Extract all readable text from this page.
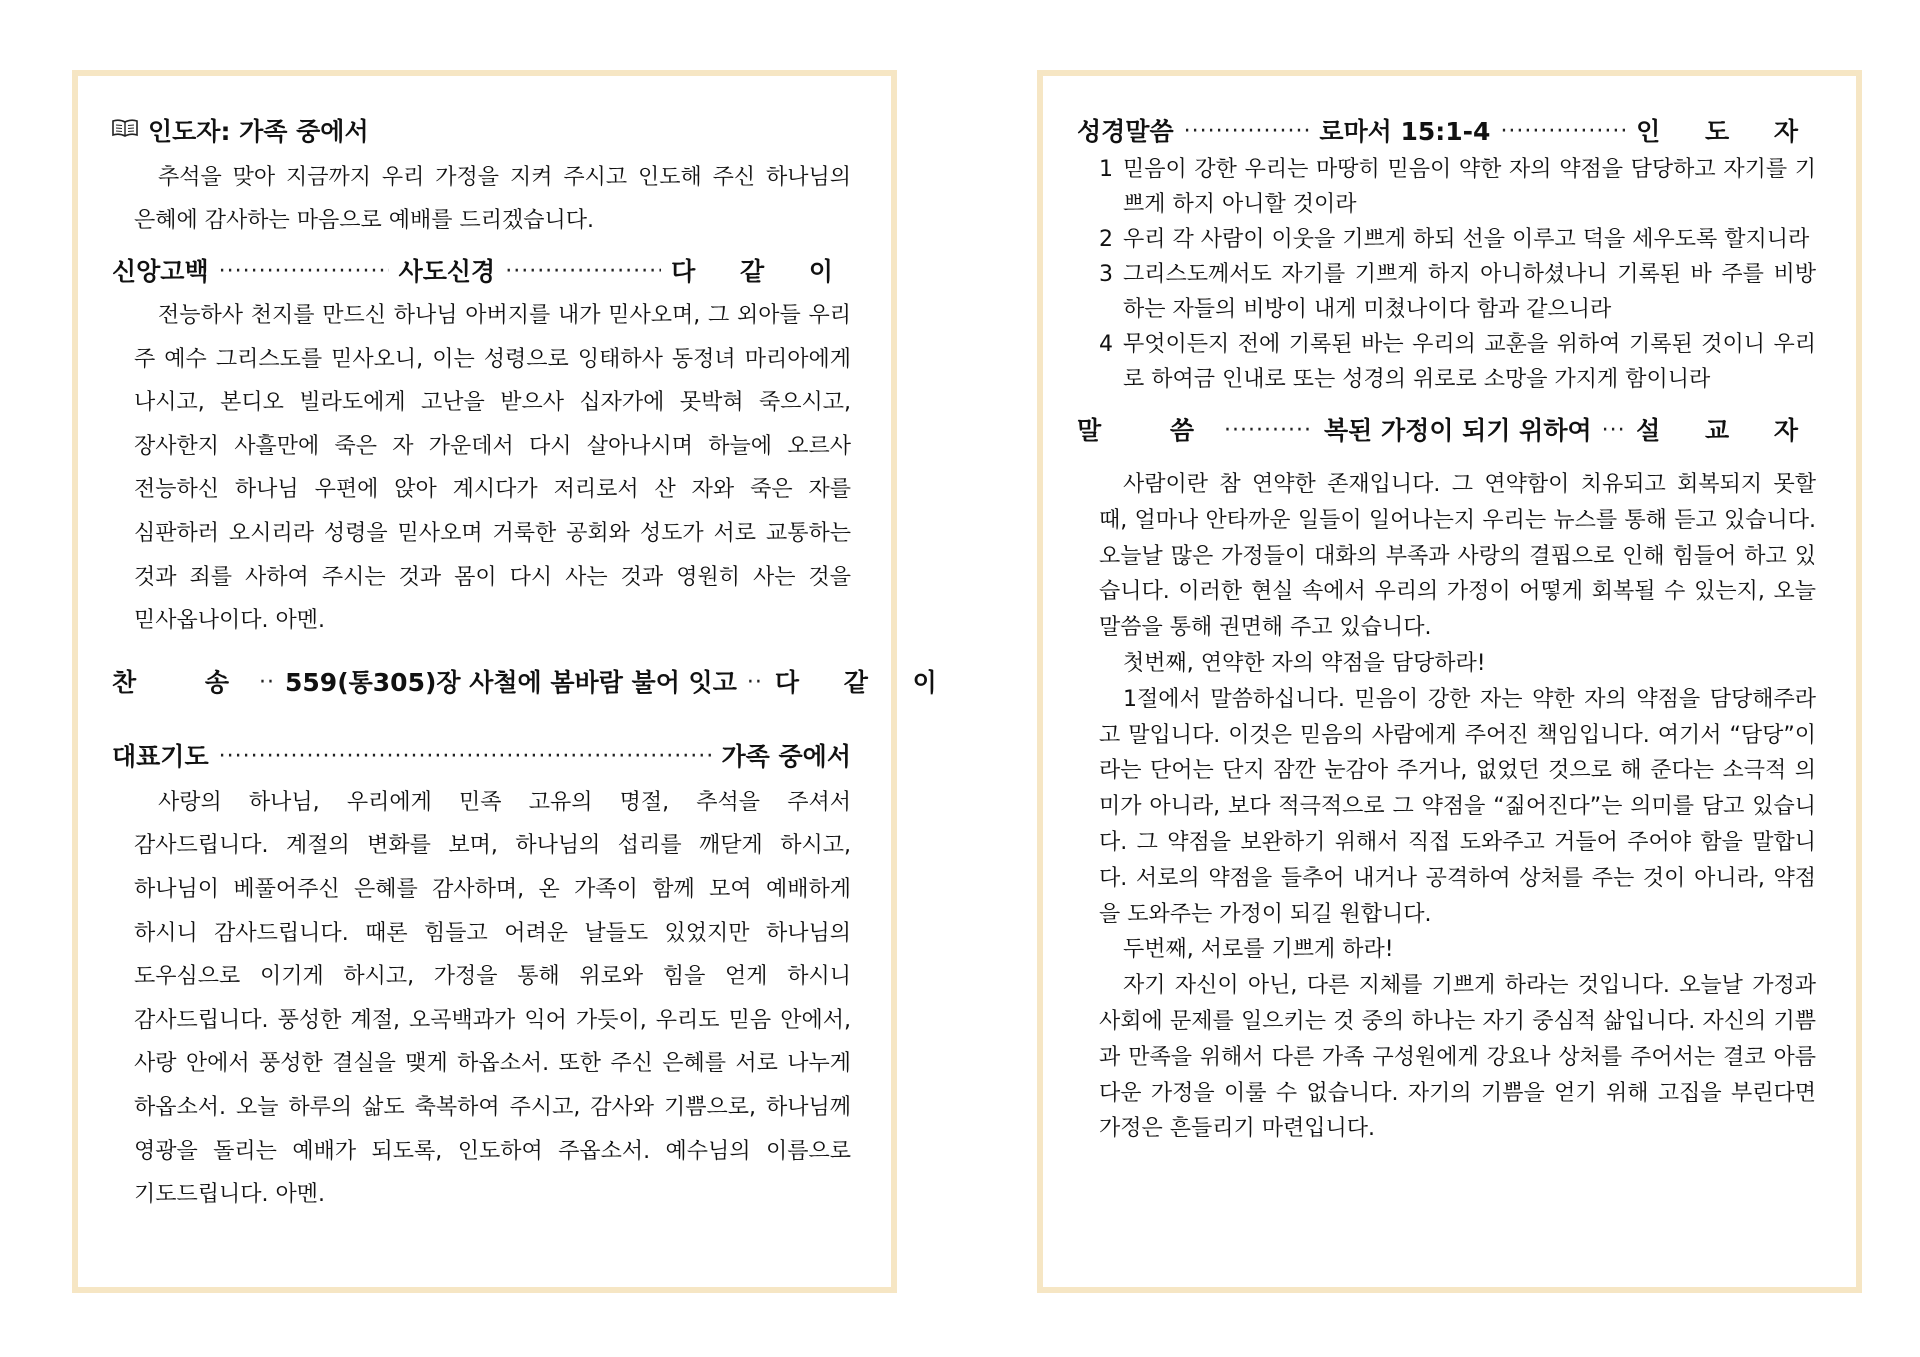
인도자: 가족 중에서

추석을 맞아 지금까지 우리 가정을 지켜 주시고 인도해 주신 하나님의 은혜에 감사하는 마음으로 예배를 드리겠습니다.

신앙고백 ·····	사도신경 ·····	다 같 이

전능하사 천지를 만드신 하나님 아버지를 내가 믿사오며, 그 외아들 우리 주 예수 그리스도를 믿사오니, 이는 성령으로 잉태하사 동정녀 마리아에게 나시고, 본디오 빌라도에게 고난을 받으사 십자가에 못박혀 죽으시고, 장사한지 사흘만에 죽은 자 가운데서 다시 살아나시며 하늘에 오르사 전능하신 하나님 우편에 앉아 계시다가 저리로서 산 자와 죽은 자를 심판하러 오시리라 성령을 믿사오며 거룩한 공회와 성도가 서로 교통하는 것과 죄를 사하여 주시는 것과 몸이 다시 사는 것과 영원히 사는 것을 믿사옵나이다. 아멘.

찬 송 ····· 559(통305)장 사철에 봄바람 불어 잇고 ····· 다 같 이
대표기도 ·····	가족 중에서

사랑의 하나님, 우리에게 민족 고유의 명절, 추석을 주셔서 감사드립니다. 계절의 변화를 보며, 하나님의 섭리를 깨닫게 하시고, 하나님이 베풀어주신 은혜를 감사하며, 온 가족이 함께 모여 예배하게 하시니 감사드립니다. 때론 힘들고 어려운 날들도 있었지만 하나님의 도우심으로 이기게 하시고, 가정을 통해 위로와 힘을 얻게 하시니 감사드립니다. 풍성한 계절, 오곡백과가 익어 가듯이, 우리도 믿음 안에서, 사랑 안에서 풍성한 결실을 맺게 하옵소서. 또한 주신 은혜를 서로 나누게 하옵소서. 오늘 하루의 삶도 축복하여 주시고, 감사와 기쁨으로, 하나님께 영광을 돌리는 예배가 되도록, 인도하여 주옵소서. 예수님의 이름으로 기도드립니다. 아멘.

성경말씀 ·····	로마서 15:1-4 ·····	인 도 자
1 믿음이 강한 우리는 마땅히 믿음이 약한 자의 약점을 담당하고 자기를 기쁘게 하지 아니할 것이라
2 우리 각 사람이 이웃을 기쁘게 하되 선을 이루고 덕을 세우도록 할지니라
3 그리스도께서도 자기를 기쁘게 하지 아니하셨나니 기록된 바 주를 비방하는 자들의 비방이 내게 미쳤나이다 함과 같으니라
4 무엇이든지 전에 기록된 바는 우리의 교훈을 위하여 기록된 것이니 우리로 하여금 인내로 또는 성경의 위로로 소망을 가지게 함이니라
말 씀 ·····	복된 가정이 되기 위하여 ····· 설 교 자

사람이란 참 연약한 존재입니다. 그 연약함이 치유되고 회복되지 못할 때, 얼마나 안타까운 일들이 일어나는지 우리는 뉴스를 통해 듣고 있습니다. 오늘날 많은 가정들이 대화의 부족과 사랑의 결핍으로 인해 힘들어 하고 있습니다. 이러한 현실 속에서 우리의 가정이 어떻게 회복될 수 있는지, 오늘 말씀을 통해 권면해 주고 있습니다.

첫번째, 연약한 자의 약점을 담당하라!

1절에서 말씀하십니다. 믿음이 강한 자는 약한 자의 약점을 담당해주라고 말입니다. 이것은 믿음의 사람에게 주어진 책임입니다. 여기서 “담당”이라는 단어는 단지 잠깐 눈감아 주거나, 없었던 것으로 해 준다는 소극적 의미가 아니라, 보다 적극적으로 그 약점을 “짊어진다”는 의미를 담고 있습니다. 그 약점을 보완하기 위해서 직접 도와주고 거들어 주어야 함을 말합니다. 서로의 약점을 들추어 내거나 공격하여 상처를 주는 것이 아니라, 약점을 도와주는 가정이 되길 원합니다.

두번째, 서로를 기쁘게 하라!

자기 자신이 아닌, 다른 지체를 기쁘게 하라는 것입니다. 오늘날 가정과 사회에 문제를 일으키는 것 중의 하나는 자기 중심적 삶입니다. 자신의 기쁨과 만족을 위해서 다른 가족 구성원에게 강요나 상처를 주어서는 결코 아름다운 가정을 이룰 수 없습니다. 자기의 기쁨을 얻기 위해 고집을 부린다면 가정은 흔들리기 마련입니다.
